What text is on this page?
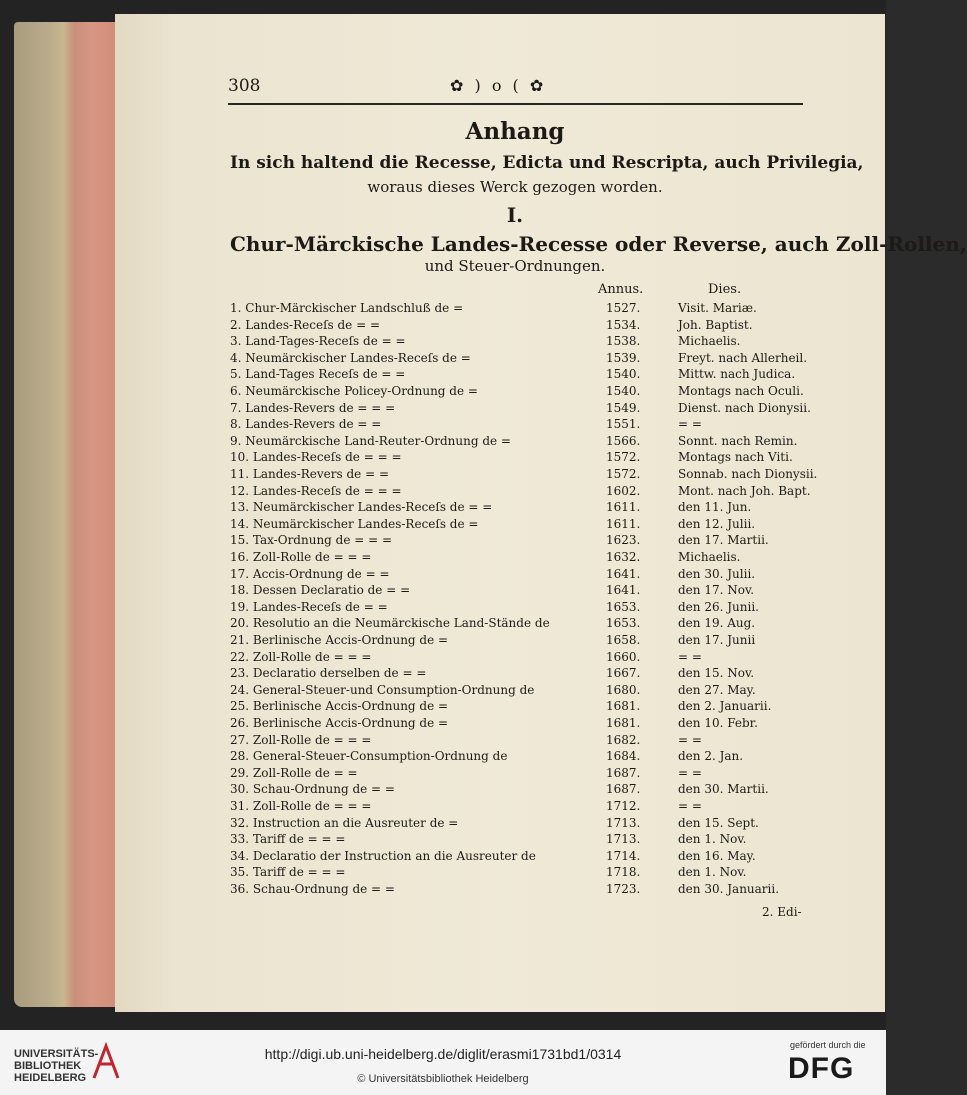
308	✿ ) o ( ✿
Anhang
In sich haltend die Recesse, Edicta und Rescripta, auch Privilegia,
woraus dieses Werck gezogen worden.
I.
Chur-Märckische Landes-Recesse oder Reverse, auch Zoll-Rollen,
und Steuer-Ordnungen.
Annus.	Dies.
1. Chur-Märckischer Landschluß de =	1527.	Visit. Mariæ.
2. Landes-Receſs de = =	1534.	Joh. Baptist.
3. Land-Tages-Receſs de = =	1538.	Michaelis.
4. Neumärckischer Landes-Receſs de =	1539.	Freyt. nach Allerheil.
5. Land-Tages Receſs de = =	1540.	Mittw. nach Judica.
6. Neumärckische Policey-Ordnung de =	1540.	Montags nach Oculi.
7. Landes-Revers de = = =	1549.	Dienst. nach Dionysii.
8. Landes-Revers de = =	1551.	= =
9. Neumärckische Land-Reuter-Ordnung de =	1566.	Sonnt. nach Remin.
10. Landes-Receſs de = = =	1572.	Montags nach Viti.
11. Landes-Revers de = =	1572.	Sonnab. nach Dionysii.
12. Landes-Receſs de = = =	1602.	Mont. nach Joh. Bapt.
13. Neumärckischer Landes-Receſs de = =	1611.	den 11. Jun.
14. Neumärckischer Landes-Receſs de =	1611.	den 12. Julii.
15. Tax-Ordnung de = = =	1623.	den 17. Martii.
16. Zoll-Rolle de = = =	1632.	Michaelis.
17. Accis-Ordnung de = =	1641.	den 30. Julii.
18. Dessen Declaratio de = =	1641.	den 17. Nov.
19. Landes-Receſs de = =	1653.	den 26. Junii.
20. Resolutio an die Neumärckische Land-Stände de	1653.	den 19. Aug.
21. Berlinische Accis-Ordnung de =	1658.	den 17. Junii
22. Zoll-Rolle de = = =	1660.	= =
23. Declaratio derselben de = =	1667.	den 15. Nov.
24. General-Steuer-und Consumption-Ordnung de	1680.	den 27. May.
25. Berlinische Accis-Ordnung de =	1681.	den 2. Januarii.
26. Berlinische Accis-Ordnung de =	1681.	den 10. Febr.
27. Zoll-Rolle de = = =	1682.	= =
28. General-Steuer-Consumption-Ordnung de	1684.	den 2. Jan.
29. Zoll-Rolle de = =	1687.	= =
30. Schau-Ordnung de = =	1687.	den 30. Martii.
31. Zoll-Rolle de = = =	1712.	= =
32. Instruction an die Ausreuter de =	1713.	den 15. Sept.
33. Tariff de = = =	1713.	den 1. Nov.
34. Declaratio der Instruction an die Ausreuter de	1714.	den 16. May.
35. Tariff de = = =	1718.	den 1. Nov.
36. Schau-Ordnung de = =	1723.	den 30. Januarii.
2. Edi-
UNIVERSITÄTS-
BIBLIOTHEK
HEIDELBERG
http://digi.ub.uni-heidelberg.de/diglit/erasmi1731bd1/0314
© Universitätsbibliothek Heidelberg
gefördert durch die
DFG
